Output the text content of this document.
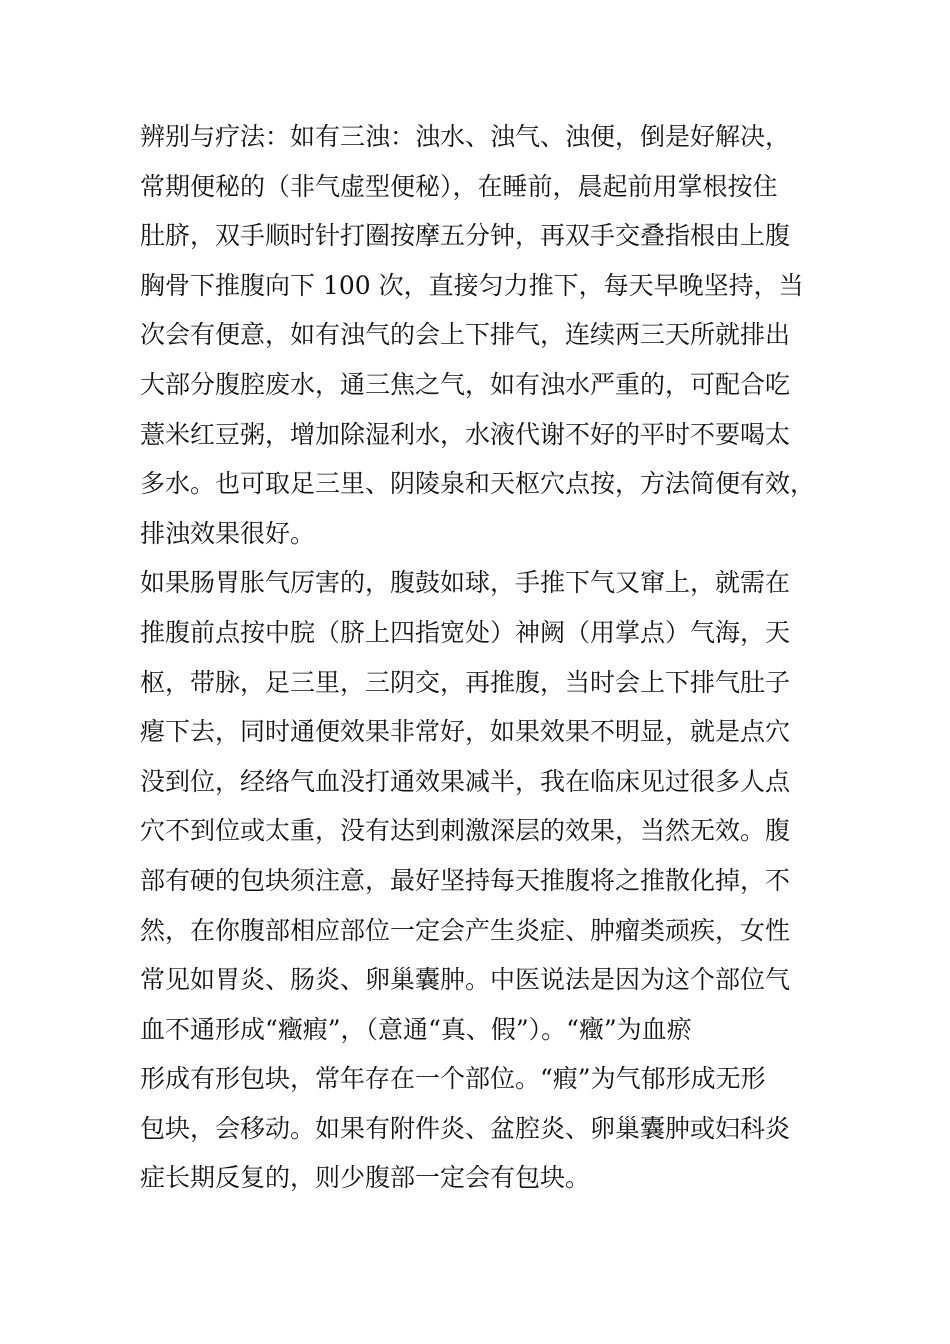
辨别与疗法：如有三浊：浊水、浊气、浊便，倒是好解决，
常期便秘的（非气虚型便秘），在睡前，晨起前用掌根按住
肚脐，双手顺时针打圈按摩五分钟，再双手交叠指根由上腹
胸骨下推腹向下 100 次，直接匀力推下，每天早晚坚持，当
次会有便意，如有浊气的会上下排气，连续两三天所就排出
大部分腹腔废水，通三焦之气，如有浊水严重的，可配合吃
薏米红豆粥，增加除湿利水，水液代谢不好的平时不要喝太
多水。也可取足三里、阴陵泉和天枢穴点按，方法简便有效，
排浊效果很好。
如果肠胃胀气厉害的，腹鼓如球，手推下气又窜上，就需在
推腹前点按中脘（脐上四指宽处）神阙（用掌点）气海，天
枢，带脉，足三里，三阴交，再推腹，当时会上下排气肚子
瘪下去，同时通便效果非常好，如果效果不明显，就是点穴
没到位，经络气血没打通效果减半，我在临床见过很多人点
穴不到位或太重，没有达到刺激深层的效果，当然无效。腹
部有硬的包块须注意，最好坚持每天推腹将之推散化掉，不
然，在你腹部相应部位一定会产生炎症、肿瘤类顽疾，女性
常见如胃炎、肠炎、卵巢囊肿。中医说法是因为这个部位气
血不通形成“癥瘕”，（意通“真、假”）。“癥”为血瘀
形成有形包块，常年存在一个部位。“瘕”为气郁形成无形
包块，会移动。如果有附件炎、盆腔炎、卵巢囊肿或妇科炎
症长期反复的，则少腹部一定会有包块。
